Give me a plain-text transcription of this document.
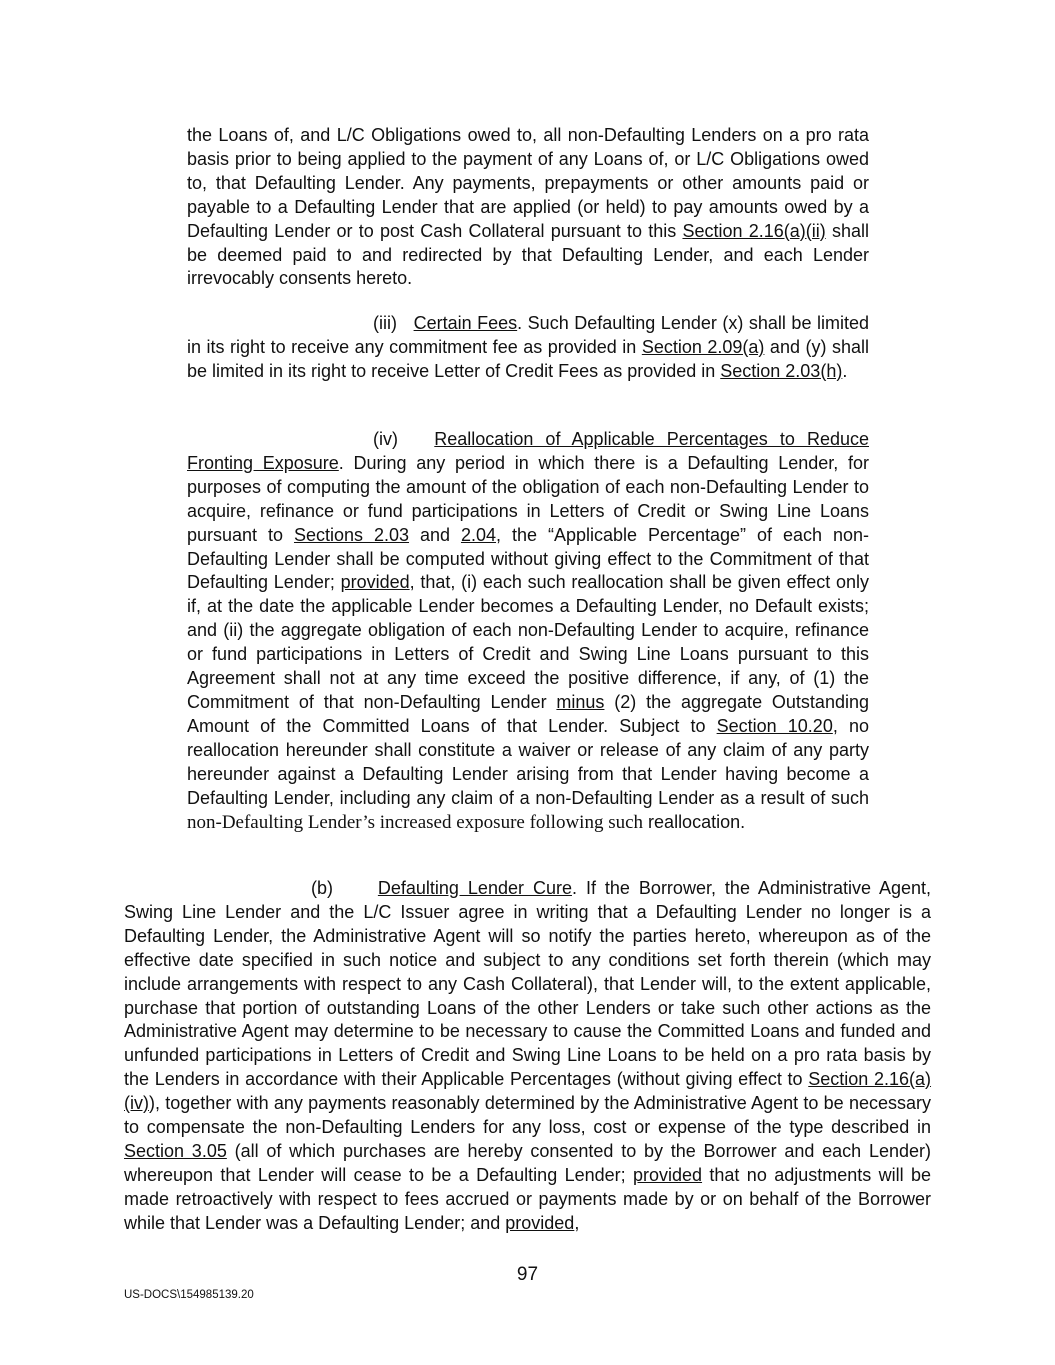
the Loans of, and L/C Obligations owed to, all non-Defaulting Lenders on a pro rata basis prior to being applied to the payment of any Loans of, or L/C Obligations owed to, that Defaulting Lender. Any payments, prepayments or other amounts paid or payable to a Defaulting Lender that are applied (or held) to pay amounts owed by a Defaulting Lender or to post Cash Collateral pursuant to this Section 2.16(a)(ii) shall be deemed paid to and redirected by that Defaulting Lender, and each Lender irrevocably consents hereto.
(iii) Certain Fees. Such Defaulting Lender (x) shall be limited in its right to receive any commitment fee as provided in Section 2.09(a) and (y) shall be limited in its right to receive Letter of Credit Fees as provided in Section 2.03(h).
(iv) Reallocation of Applicable Percentages to Reduce Fronting Exposure. During any period in which there is a Defaulting Lender, for purposes of computing the amount of the obligation of each non-Defaulting Lender to acquire, refinance or fund participations in Letters of Credit or Swing Line Loans pursuant to Sections 2.03 and 2.04, the “Applicable Percentage” of each non-Defaulting Lender shall be computed without giving effect to the Commitment of that Defaulting Lender; provided, that, (i) each such reallocation shall be given effect only if, at the date the applicable Lender becomes a Defaulting Lender, no Default exists; and (ii) the aggregate obligation of each non-Defaulting Lender to acquire, refinance or fund participations in Letters of Credit and Swing Line Loans pursuant to this Agreement shall not at any time exceed the positive difference, if any, of (1) the Commitment of that non-Defaulting Lender minus (2) the aggregate Outstanding Amount of the Committed Loans of that Lender. Subject to Section 10.20, no reallocation hereunder shall constitute a waiver or release of any claim of any party hereunder against a Defaulting Lender arising from that Lender having become a Defaulting Lender, including any claim of a non-Defaulting Lender as a result of such non-Defaulting Lender’s increased exposure following such reallocation.
(b) Defaulting Lender Cure. If the Borrower, the Administrative Agent, Swing Line Lender and the L/C Issuer agree in writing that a Defaulting Lender no longer is a Defaulting Lender, the Administrative Agent will so notify the parties hereto, whereupon as of the effective date specified in such notice and subject to any conditions set forth therein (which may include arrangements with respect to any Cash Collateral), that Lender will, to the extent applicable, purchase that portion of outstanding Loans of the other Lenders or take such other actions as the Administrative Agent may determine to be necessary to cause the Committed Loans and funded and unfunded participations in Letters of Credit and Swing Line Loans to be held on a pro rata basis by the Lenders in accordance with their Applicable Percentages (without giving effect to Section 2.16(a)(iv)), together with any payments reasonably determined by the Administrative Agent to be necessary to compensate the non-Defaulting Lenders for any loss, cost or expense of the type described in Section 3.05 (all of which purchases are hereby consented to by the Borrower and each Lender) whereupon that Lender will cease to be a Defaulting Lender; provided that no adjustments will be made retroactively with respect to fees accrued or payments made by or on behalf of the Borrower while that Lender was a Defaulting Lender; and provided,
97
US-DOCS\154985139.20
